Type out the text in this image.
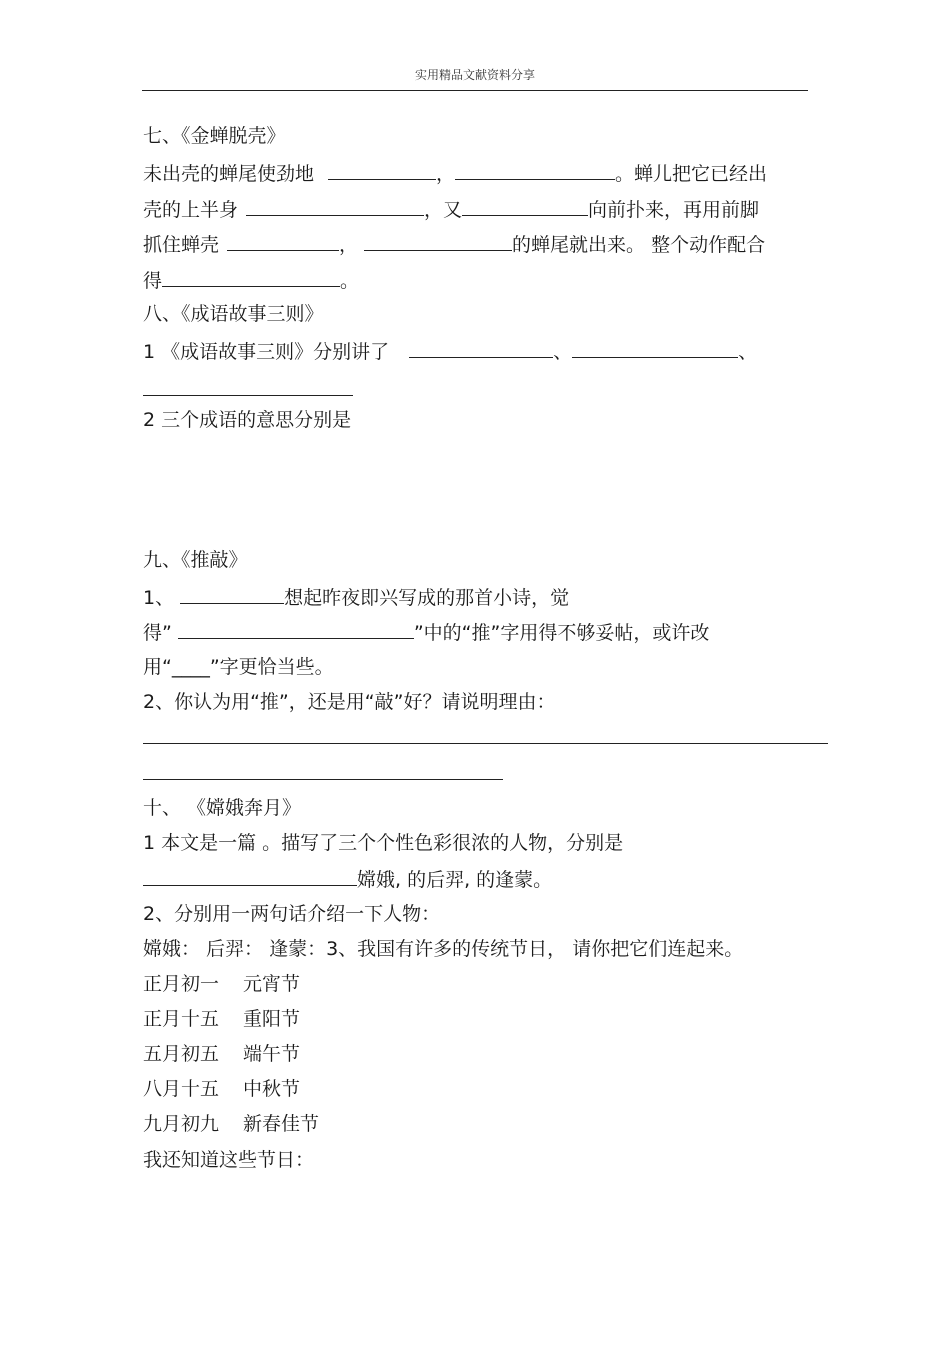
实用精品文献资料分享
七、《金蝉脱壳》
未出壳的蝉尾使劲地	，	。蝉儿把它已经出
壳的上半身	，又	向前扑来，再用前脚
抓住蝉壳	，	的蝉尾就出来。 整个动作配合
得	。
八、《成语故事三则》
1 《成语故事三则》分别讲了	、	、
2 三个成语的意思分别是
九、《推敲》
1、	想起昨夜即兴写成的那首小诗，觉
得”	”中的“推”字用得不够妥帖，或许改
用“____”字更恰当些。
2、你认为用“推”，还是用“敲”好？请说明理由：
十、 《嫦娥奔月》
1 本文是一篇 。描写了三个个性色彩很浓的人物，分别是
嫦娥, 的后羿, 的逢蒙。
2、分别用一两句话介绍一下人物：
嫦娥： 后羿： 逢蒙：3、我国有许多的传统节日， 请你把它们连起来。
正月初一 元宵节
正月十五 重阳节
五月初五 端午节
八月十五 中秋节
九月初九 新春佳节
我还知道这些节日：
